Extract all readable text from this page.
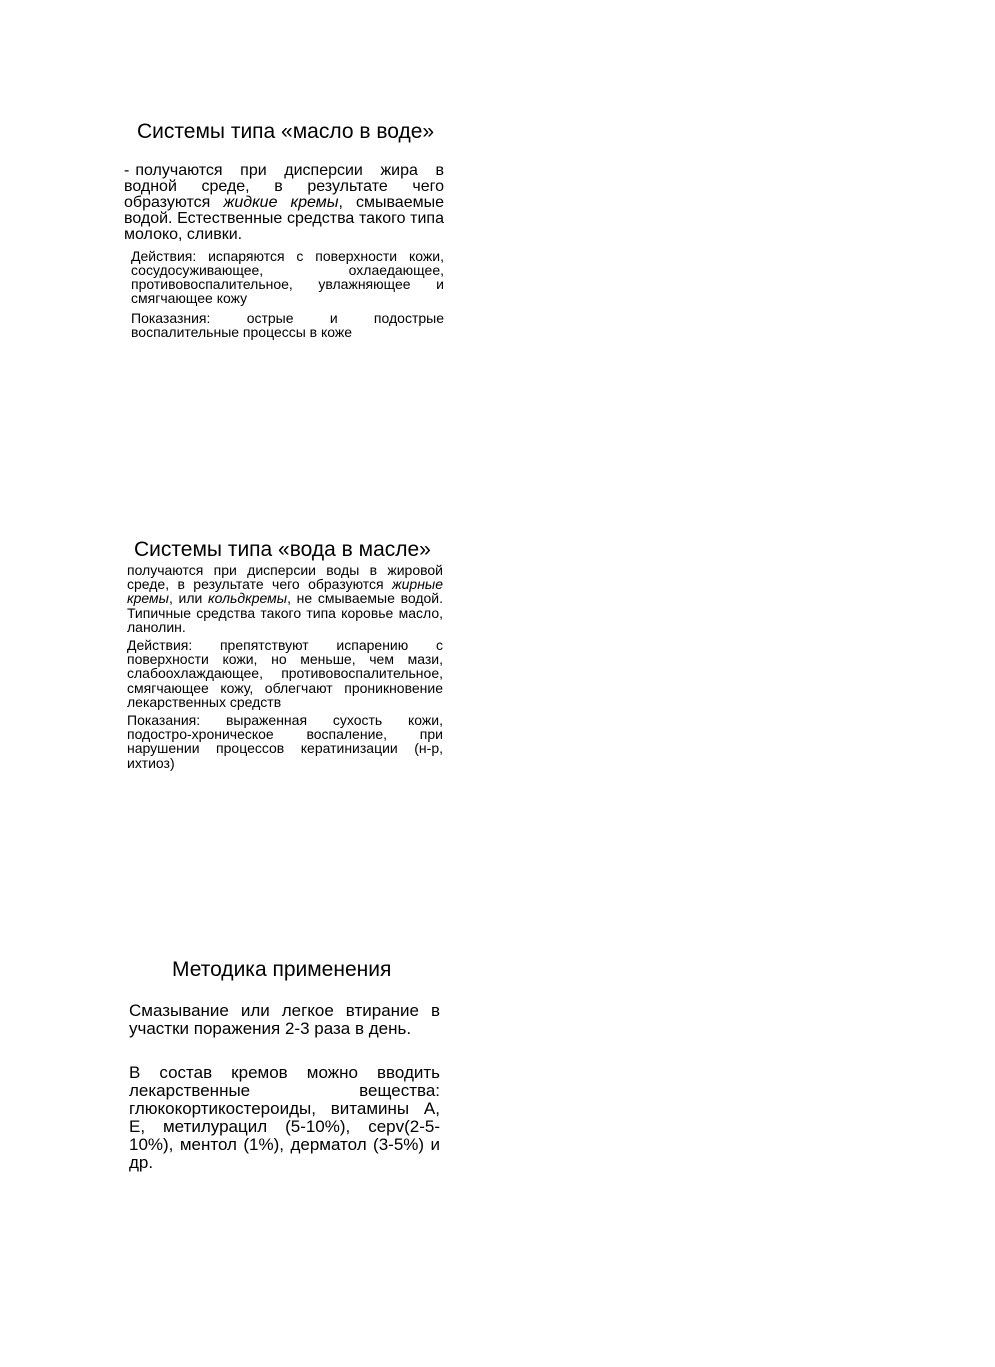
Системы типа «масло в воде»

- получаются при дисперсии жира в водной среде, в результате чего образуются жидкие кремы, смываемые водой. Естественные средства такого типа молоко, сливки.

Действия: испаряются с поверхности кожи, сосудосуживающее, охлаедающее, противовоспалительное, увлажняющее и смягчающее кожу

Показазния: острые и подострые воспалительные процессы в коже

Системы типа «вода в масле»

получаются при дисперсии воды в жировой среде, в результате чего образуются жирные кремы, или кольдкремы, не смываемые водой. Типичные средства такого типа коровье масло, ланолин.

Действия: препятствуют испарению с поверхности кожи, но меньше, чем мази, слабоохлаждающее, противовоспалительное, смягчающее кожу, облегчают проникновение лекарственных средств

Показания: выраженная сухость кожи, подостро-хроническое воспаление, при нарушении процессов кератинизации (н-р, ихтиоз)

Методика применения

Смазывание или легкое втирание в участки поражения 2-3 раза в день.

В состав кремов можно вводить лекарственные вещества: глюкокортикостероиды, витамины А, Е, метилурацил (5-10%), серv(2-5-10%), ментол (1%), дерматол (3-5%) и др.
